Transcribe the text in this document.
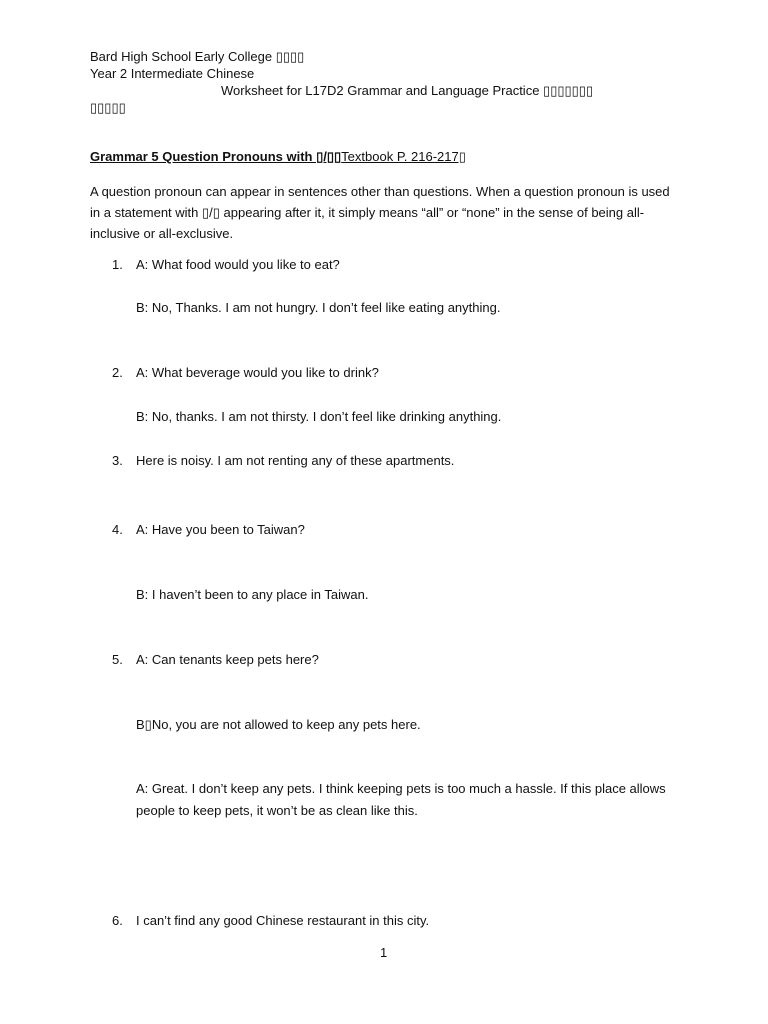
Bard High School Early College ▯▯▯▯
Year 2 Intermediate Chinese
Worksheet for L17D2 Grammar and Language Practice ▯▯▯▯▯▯▯
▯▯▯▯▯
Grammar 5 Question Pronouns with ▯/▯▯Textbook P. 216-217▯
A question pronoun can appear in sentences other than questions. When a question pronoun is used in a statement with ▯/▯ appearing after it, it simply means “all” or “none” in the sense of being all-inclusive or all-exclusive.
1. A: What food would you like to eat?
B: No, Thanks. I am not hungry. I don’t feel like eating anything.
2. A: What beverage would you like to drink?
B: No, thanks. I am not thirsty. I don’t feel like drinking anything.
3. Here is noisy. I am not renting any of these apartments.
4. A: Have you been to Taiwan?
B: I haven’t been to any place in Taiwan.
5. A: Can tenants keep pets here?
B▯No, you are not allowed to keep any pets here.
A: Great. I don’t keep any pets. I think keeping pets is too much a hassle. If this place allows people to keep pets, it won’t be as clean like this.
6. I can’t find any good Chinese restaurant in this city.
1
